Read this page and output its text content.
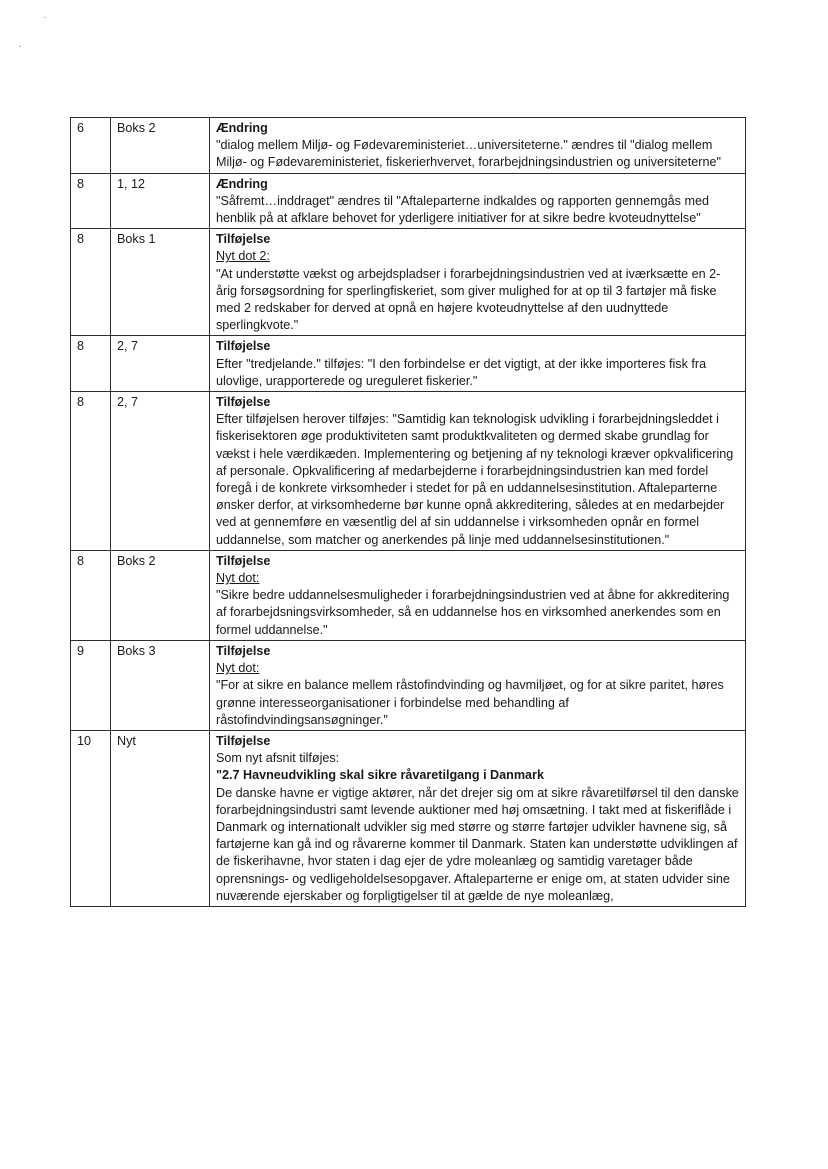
6	Boks 2	Ændring
"dialog mellem Miljø- og Fødevareministeriet…universiteterne." ændres til "dialog mellem Miljø- og Fødevareministeriet, fiskerierhvervet, forarbejdningsindustrien og universiteterne"

8	1, 12	Ændring
"Såfremt…inddraget" ændres til "Aftaleparterne indkaldes og rapporten gennemgås med henblik på at afklare behovet for yderligere initiativer for at sikre bedre kvoteudnyttelse"

8	Boks 1	Tilføjelse
Nyt dot 2:
"At understøtte vækst og arbejdspladser i forarbejdningsindustrien ved at iværksætte en 2-årig forsøgsordning for sperlingfiskeriet, som giver mulighed for at op til 3 fartøjer må fiske med 2 redskaber for derved at opnå en højere kvoteudnyttelse af den uudnyttede sperlingkvote."

8	2, 7	Tilføjelse
Efter "tredjelande." tilføjes: "I den forbindelse er det vigtigt, at der ikke importeres fisk fra ulovlige, urapporterede og ureguleret fiskerier."

8	2, 7	Tilføjelse
Efter tilføjelsen herover tilføjes: "Samtidig kan teknologisk udvikling i forarbejdningsleddet i fiskerisektoren øge produktiviteten samt produktkvaliteten og dermed skabe grundlag for vækst i hele værdikæden. Implementering og betjening af ny teknologi kræver opkvalificering af personale. Opkvalificering af medarbejderne i forarbejdningsindustrien kan med fordel foregå i de konkrete virksomheder i stedet for på en uddannelsesinstitution. Aftaleparterne ønsker derfor, at virksomhederne bør kunne opnå akkreditering, således at en medarbejder ved at gennemføre en væsentlig del af sin uddannelse i virksomheden opnår en formel uddannelse, som matcher og anerkendes på linje med uddannelsesinstitutionen."

8	Boks 2	Tilføjelse
Nyt dot:
"Sikre bedre uddannelsesmuligheder i forarbejdningsindustrien ved at åbne for akkreditering af forarbejdsningsvirksomheder, så en uddannelse hos en virksomhed anerkendes som en formel uddannelse."

9	Boks 3	Tilføjelse
Nyt dot:
"For at sikre en balance mellem råstofindvinding og havmiljøet, og for at sikre paritet, høres grønne interesseorganisationer i forbindelse med behandling af råstofindvindingsansøgninger."

10	Nyt	Tilføjelse
Som nyt afsnit tilføjes:
"2.7 Havneudvikling skal sikre råvaretilgang i Danmark
De danske havne er vigtige aktører, når det drejer sig om at sikre råvaretilførsel til den danske forarbejdningsindustri samt levende auktioner med høj omsætning. I takt med at fiskeriflåde i Danmark og internationalt udvikler sig med større og større fartøjer udvikler havnene sig, så fartøjerne kan gå ind og råvarerne kommer til Danmark. Staten kan understøtte udviklingen af de fiskerihavne, hvor staten i dag ejer de ydre moleanlæg og samtidig varetager både oprensnings- og vedligeholdelsesopgaver. Aftaleparterne er enige om, at staten udvider sine nuværende ejerskaber og forpligtigelser til at gælde de nye moleanlæg,
